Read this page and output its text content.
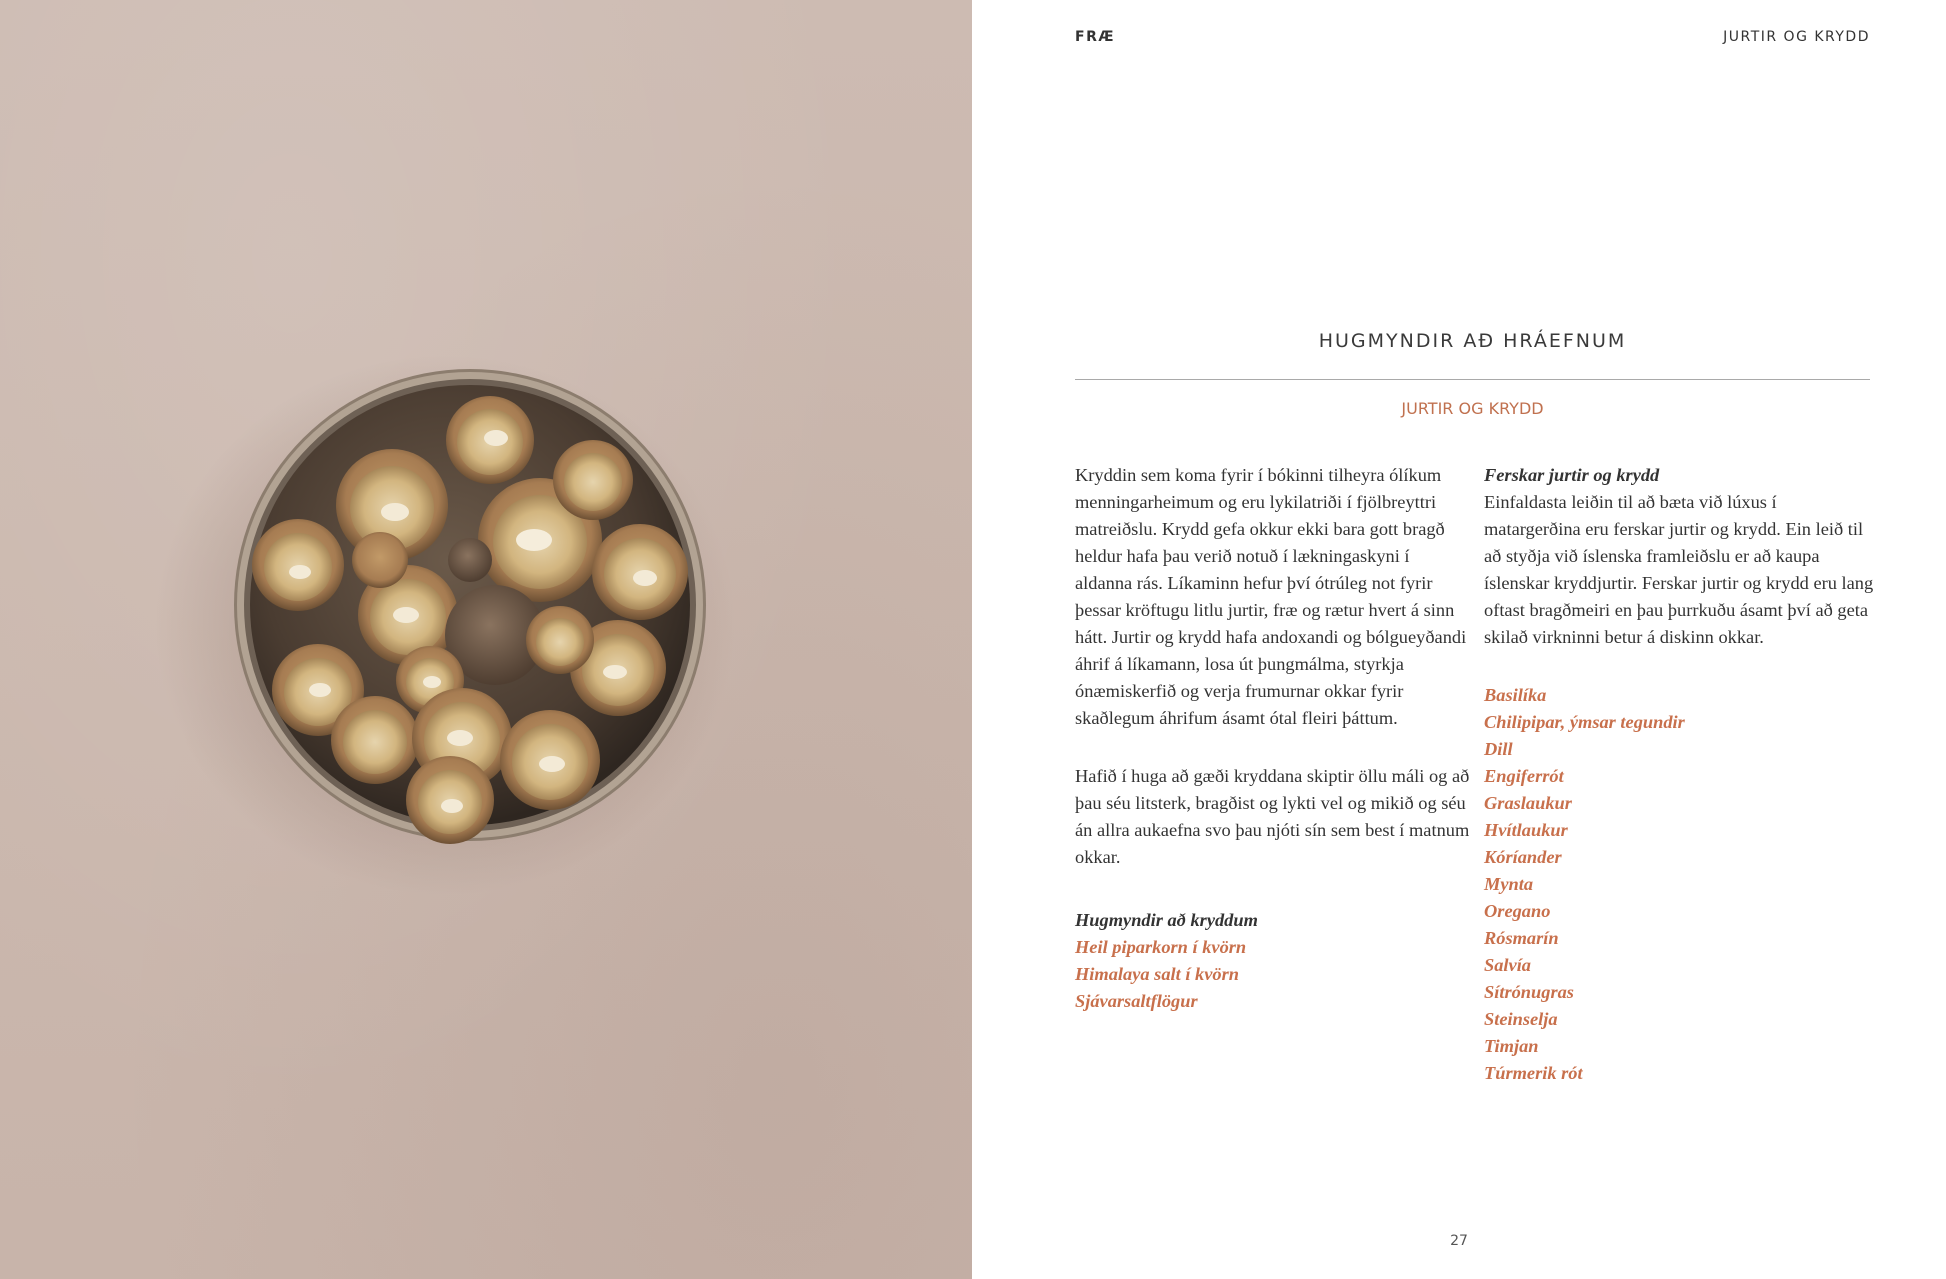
FRÆ	JURTIR OG KRYDD
HUGMYNDIR AÐ HRÁEFNUM
JURTIR OG KRYDD

Kryddin sem koma fyrir í bókinni tilheyra ólíkum menningarheimum og eru lykilatriði í fjölbreyttri matreiðslu. Krydd gefa okkur ekki bara gott bragð heldur hafa þau verið notuð í lækningaskyni í aldanna rás. Líkaminn hefur því ótrúleg not fyrir þessar kröftugu litlu jurtir, fræ og rætur hvert á sinn hátt. Jurtir og krydd hafa andoxandi og bólgueyðandi áhrif á líkamann, losa út þungmálma, styrkja ónæmiskerfið og verja frumurnar okkar fyrir skaðlegum áhrifum ásamt ótal fleiri þáttum.

Hafið í huga að gæði kryddana skiptir öllu máli og að þau séu litsterk, bragðist og lykti vel og mikið og séu án allra aukaefna svo þau njóti sín sem best í matnum okkar.

Hugmyndir að kryddum

Heil piparkorn í kvörn
Himalaya salt í kvörn
Sjávarsaltflögur

Ferskar jurtir og krydd

Einfaldasta leiðin til að bæta við lúxus í matargerðina eru ferskar jurtir og krydd. Ein leið til að styðja við íslenska framleiðslu er að kaupa íslenskar kryddjurtir. Ferskar jurtir og krydd eru lang oftast bragðmeiri en þau þurrkuðu ásamt því að geta skilað virkninni betur á diskinn okkar.

Basilíka
Chilipipar, ýmsar tegundir
Dill
Engiferrót
Graslaukur
Hvítlaukur
Kóríander
Mynta
Oregano
Rósmarín
Salvía
Sítrónugras
Steinselja
Timjan
Túrmerik rót
27
